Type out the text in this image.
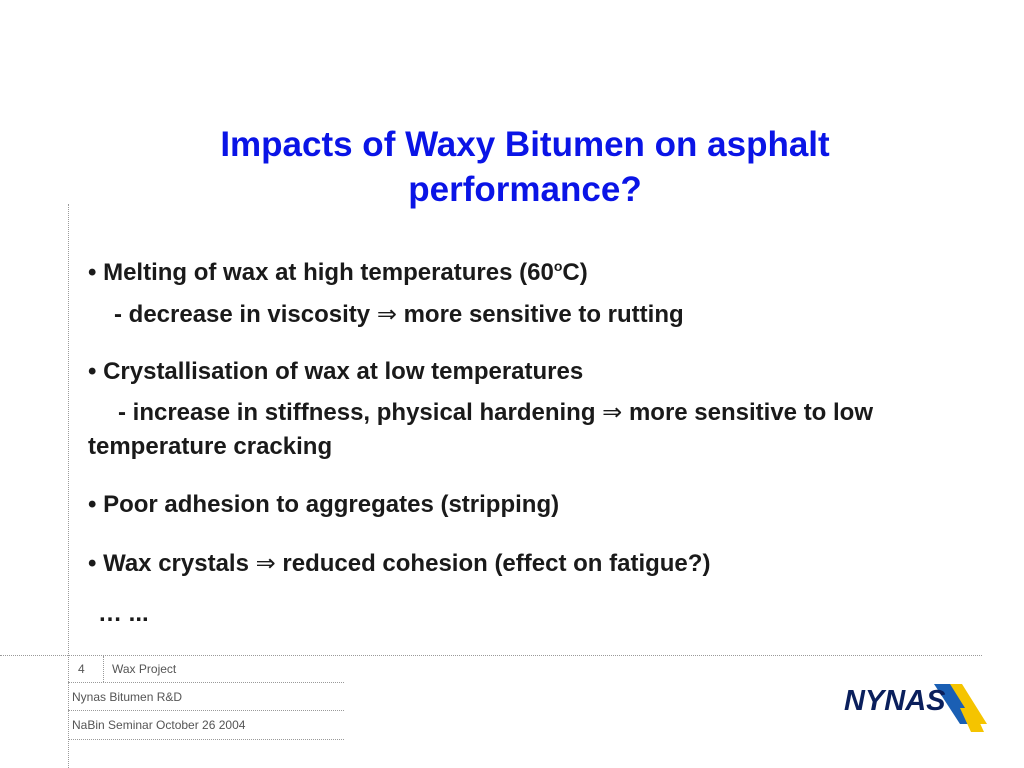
Impacts of Waxy Bitumen on asphalt
performance?
• Melting of wax at high temperatures (60$^o$C)
- decrease in viscosity ⇒ more sensitive to rutting
• Crystallisation of wax at low temperatures
- increase in stiffness, physical hardening ⇒ more sensitive to low temperature cracking
• Poor adhesion to aggregates (stripping)
• Wax crystals ⇒ reduced cohesion (effect on fatigue?)
… ...
4 Wax Project
Nynas Bitumen R&D
NaBin Seminar October 26 2004
NYNAS
